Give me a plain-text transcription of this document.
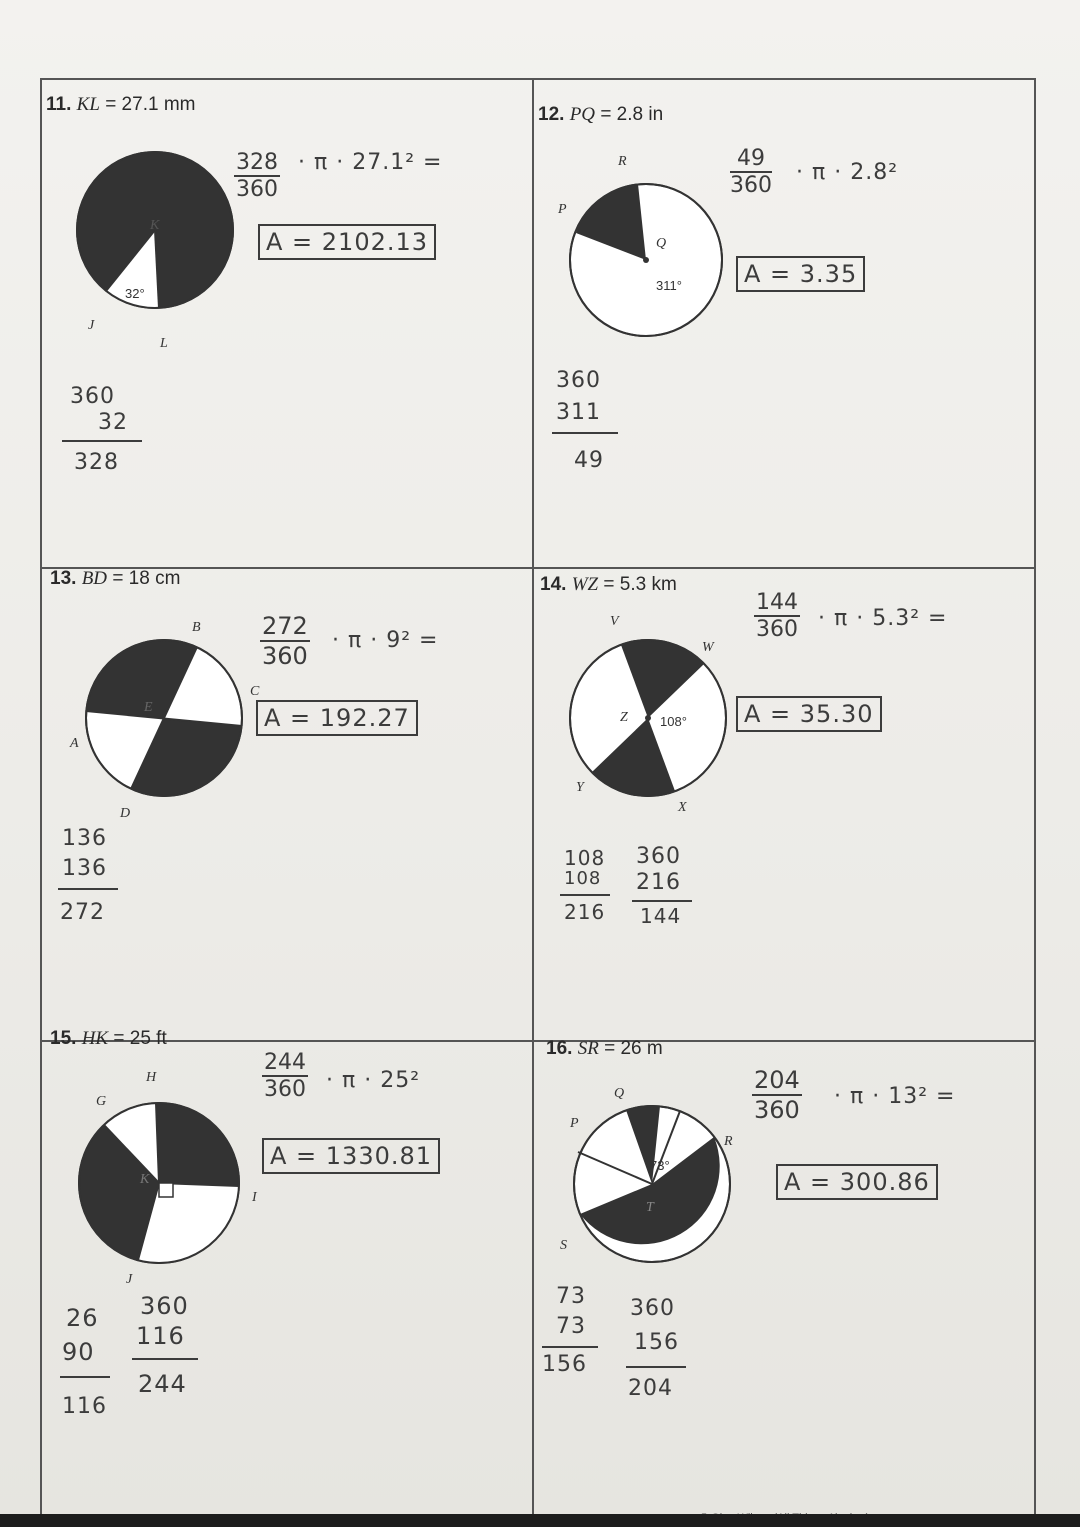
11. KL = 27.1 mm
K
J
L
32°
$\frac{328}{360} \cdot \pi \cdot 27.1^2$ =
A = 2102.13
360
32
328
12. PQ = 2.8 in
R
P
Q
311°
$\frac{49}{360} \cdot \pi \cdot 2.8^2$
A = 3.35
360
311
49
13. BD = 18 cm
B
C
A
D
E
$\frac{272}{360} \cdot \pi \cdot 9^2$ =
A = 192.27
136
136
272
14. WZ = 5.3 km
V
W
Z
Y
X
108°
$\frac{144}{360} \cdot \pi \cdot 5.3^2$ =
A = 35.30
108
108
216
360
216
144
15. HK = 25 ft
G
H
I
J
K
$\frac{244}{360} \cdot \pi \cdot 25^2$
A = 1330.81
26
90
116
360
116
244
16. SR = 26 m
Q
P
R
S
T
73°
$\frac{204}{360} \cdot \pi \cdot 13^2$ =
A = 300.86
73
73
156
360
156
204
